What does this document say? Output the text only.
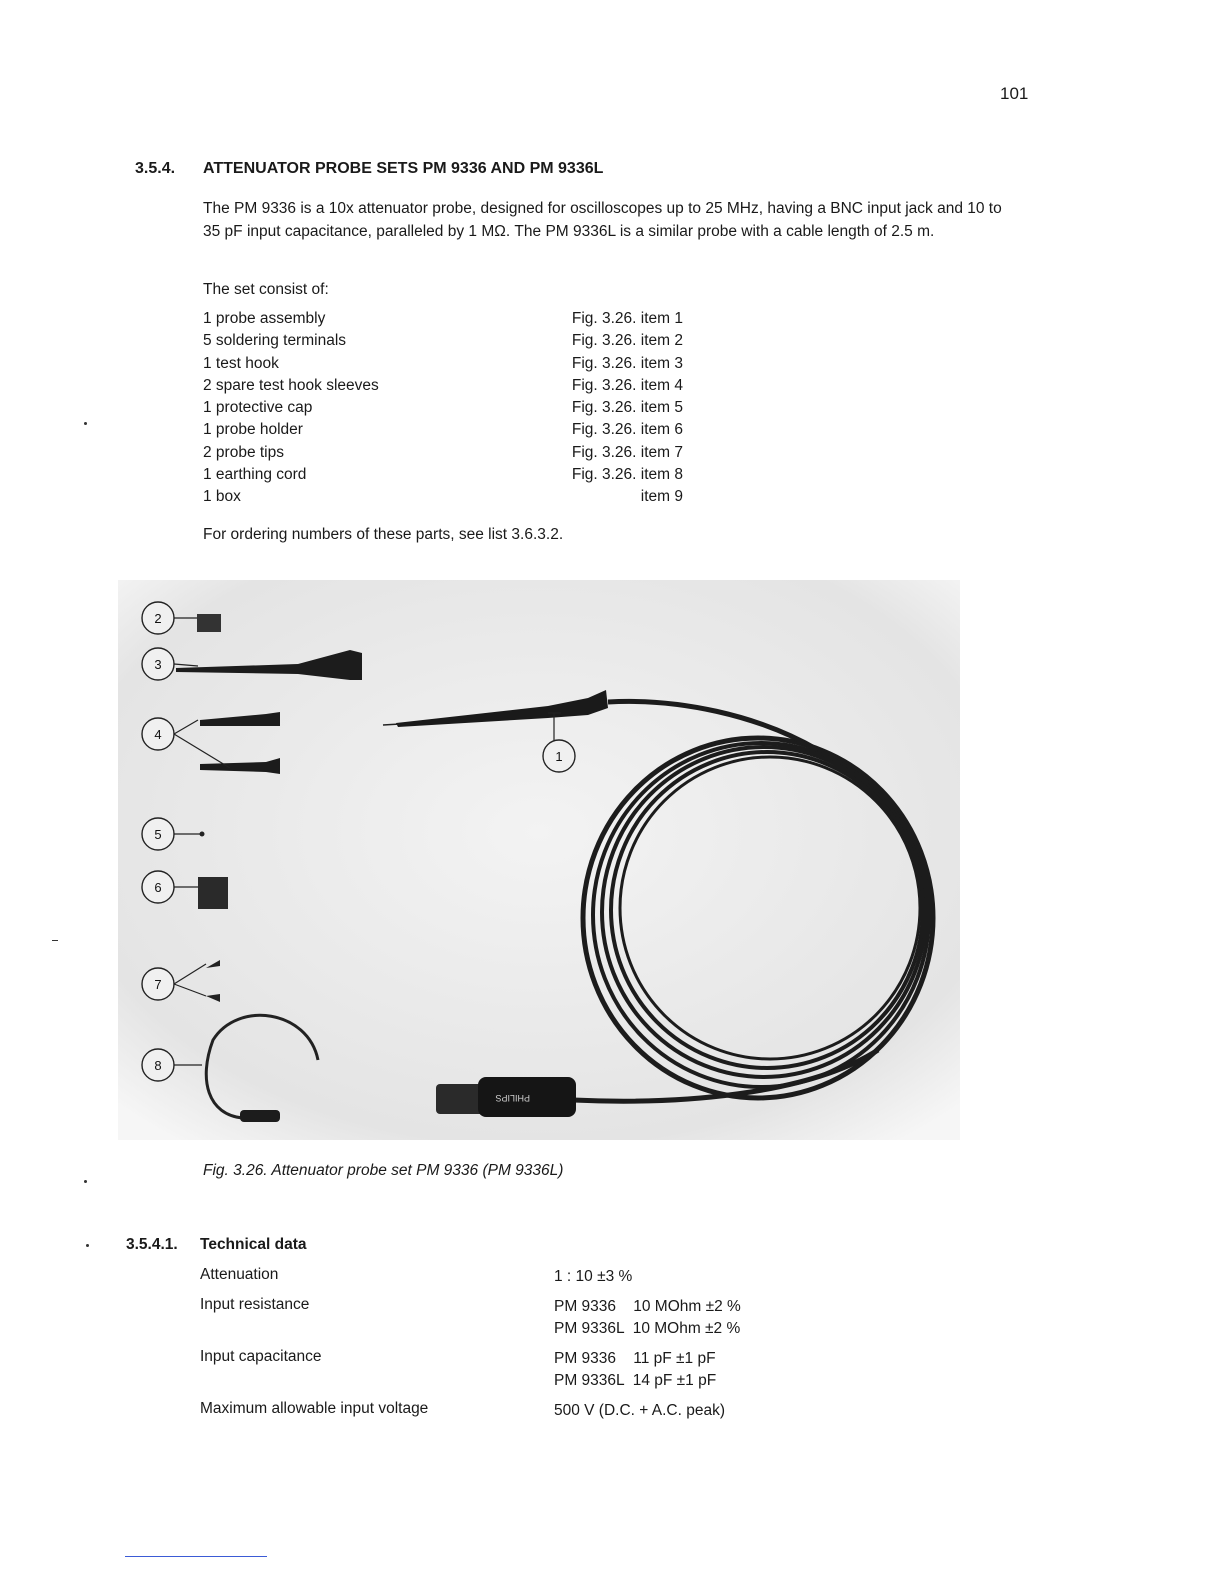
101
3.5.4. ATTENUATOR PROBE SETS PM 9336 AND PM 9336L
The PM 9336 is a 10x attenuator probe, designed for oscilloscopes up to 25 MHz, having a BNC input jack and 10 to 35 pF input capacitance, paralleled by 1 MΩ. The PM 9336L is a similar probe with a cable length of 2.5 m.
The set consist of:
1 probe assembly	Fig. 3.26. item 1
5 soldering terminals	Fig. 3.26. item 2
1 test hook	Fig. 3.26. item 3
2 spare test hook sleeves	Fig. 3.26. item 4
1 protective cap	Fig. 3.26. item 5
1 probe holder	Fig. 3.26. item 6
2 probe tips	Fig. 3.26. item 7
1 earthing cord	Fig. 3.26. item 8
1 box	item 9
For ordering numbers of these parts, see list 3.6.3.2.
PHILIPS
1
2
3
4
5
6
7
8
Fig. 3.26. Attenuator probe set PM 9336 (PM 9336L)
3.5.4.1. Technical data
Attenuation	1 : 10 ±3 %
Input resistance	PM 9336    10 MOhm ±2 %
PM 9336L  10 MOhm ±2 %
Input capacitance	PM 9336    11 pF ±1 pF
PM 9336L  14 pF ±1 pF
Maximum allowable input voltage	500 V (D.C. + A.C. peak)
